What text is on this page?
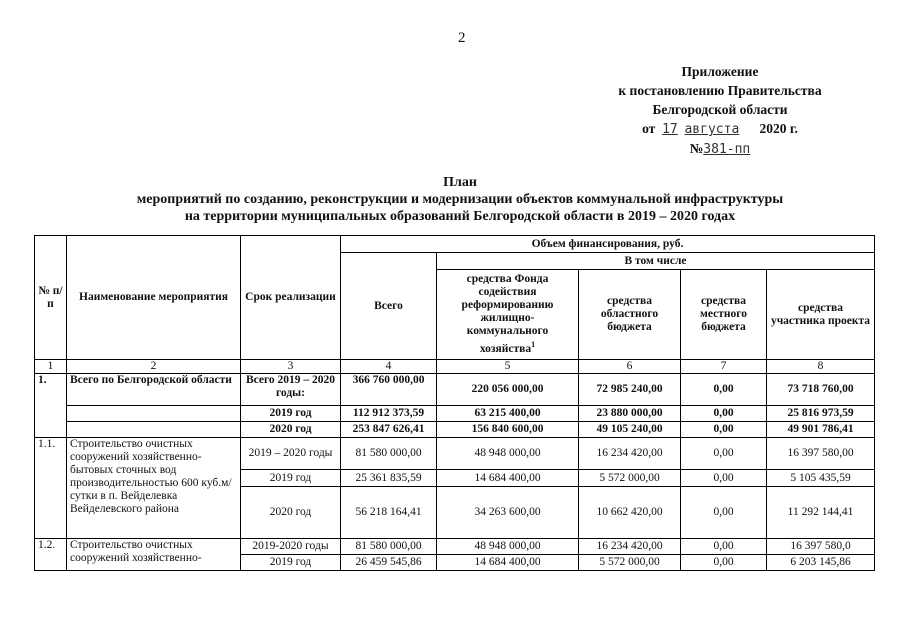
2
Приложение
к постановлению Правительства
Белгородской области
от 17 августа 2020 г.
№381-пп
План
мероприятий по созданию, реконструкции и модернизации объектов коммунальной инфраструктуры
на территории муниципальных образований Белгородской области в 2019 – 2020 годах
№ п/п	Наименование мероприятия	Срок реализации	Объем финансирования, руб.				
			Всего	В том числе			
				средства Фонда содействия реформированию жилищно-коммунального хозяйства$^1$	средства областного бюджета	средства местного бюджета	средства участника проекта
1	2	3	4	5	6	7	8
1.	Всего по Белгородской области	Всего 2019 – 2020 годы:	366 760 000,00	220 056 000,00	72 985 240,00	0,00	73 718 760,00
		2019 год	112 912 373,59	63 215 400,00	23 880 000,00	0,00	25 816 973,59
		2020 год	253 847 626,41	156 840 600,00	49 105 240,00	0,00	49 901 786,41
1.1.	Строительство очистных сооружений хозяйственно-бытовых сточных вод производительностью 600 куб.м/сутки в п. Вейделевка Вейделевского района	2019 – 2020 годы	81 580 000,00	48 948 000,00	16 234 420,00	0,00	16 397 580,00
		2019 год	25 361 835,59	14 684 400,00	5 572 000,00	0,00	5 105 435,59
		2020 год	56 218 164,41	34 263 600,00	10 662 420,00	0,00	11 292 144,41
1.2.	Строительство очистных сооружений хозяйственно-	2019-2020 годы	81 580 000,00	48 948 000,00	16 234 420,00	0,00	16 397 580,0
		2019 год	26 459 545,86	14 684 400,00	5 572 000,00	0,00	6 203 145,86
